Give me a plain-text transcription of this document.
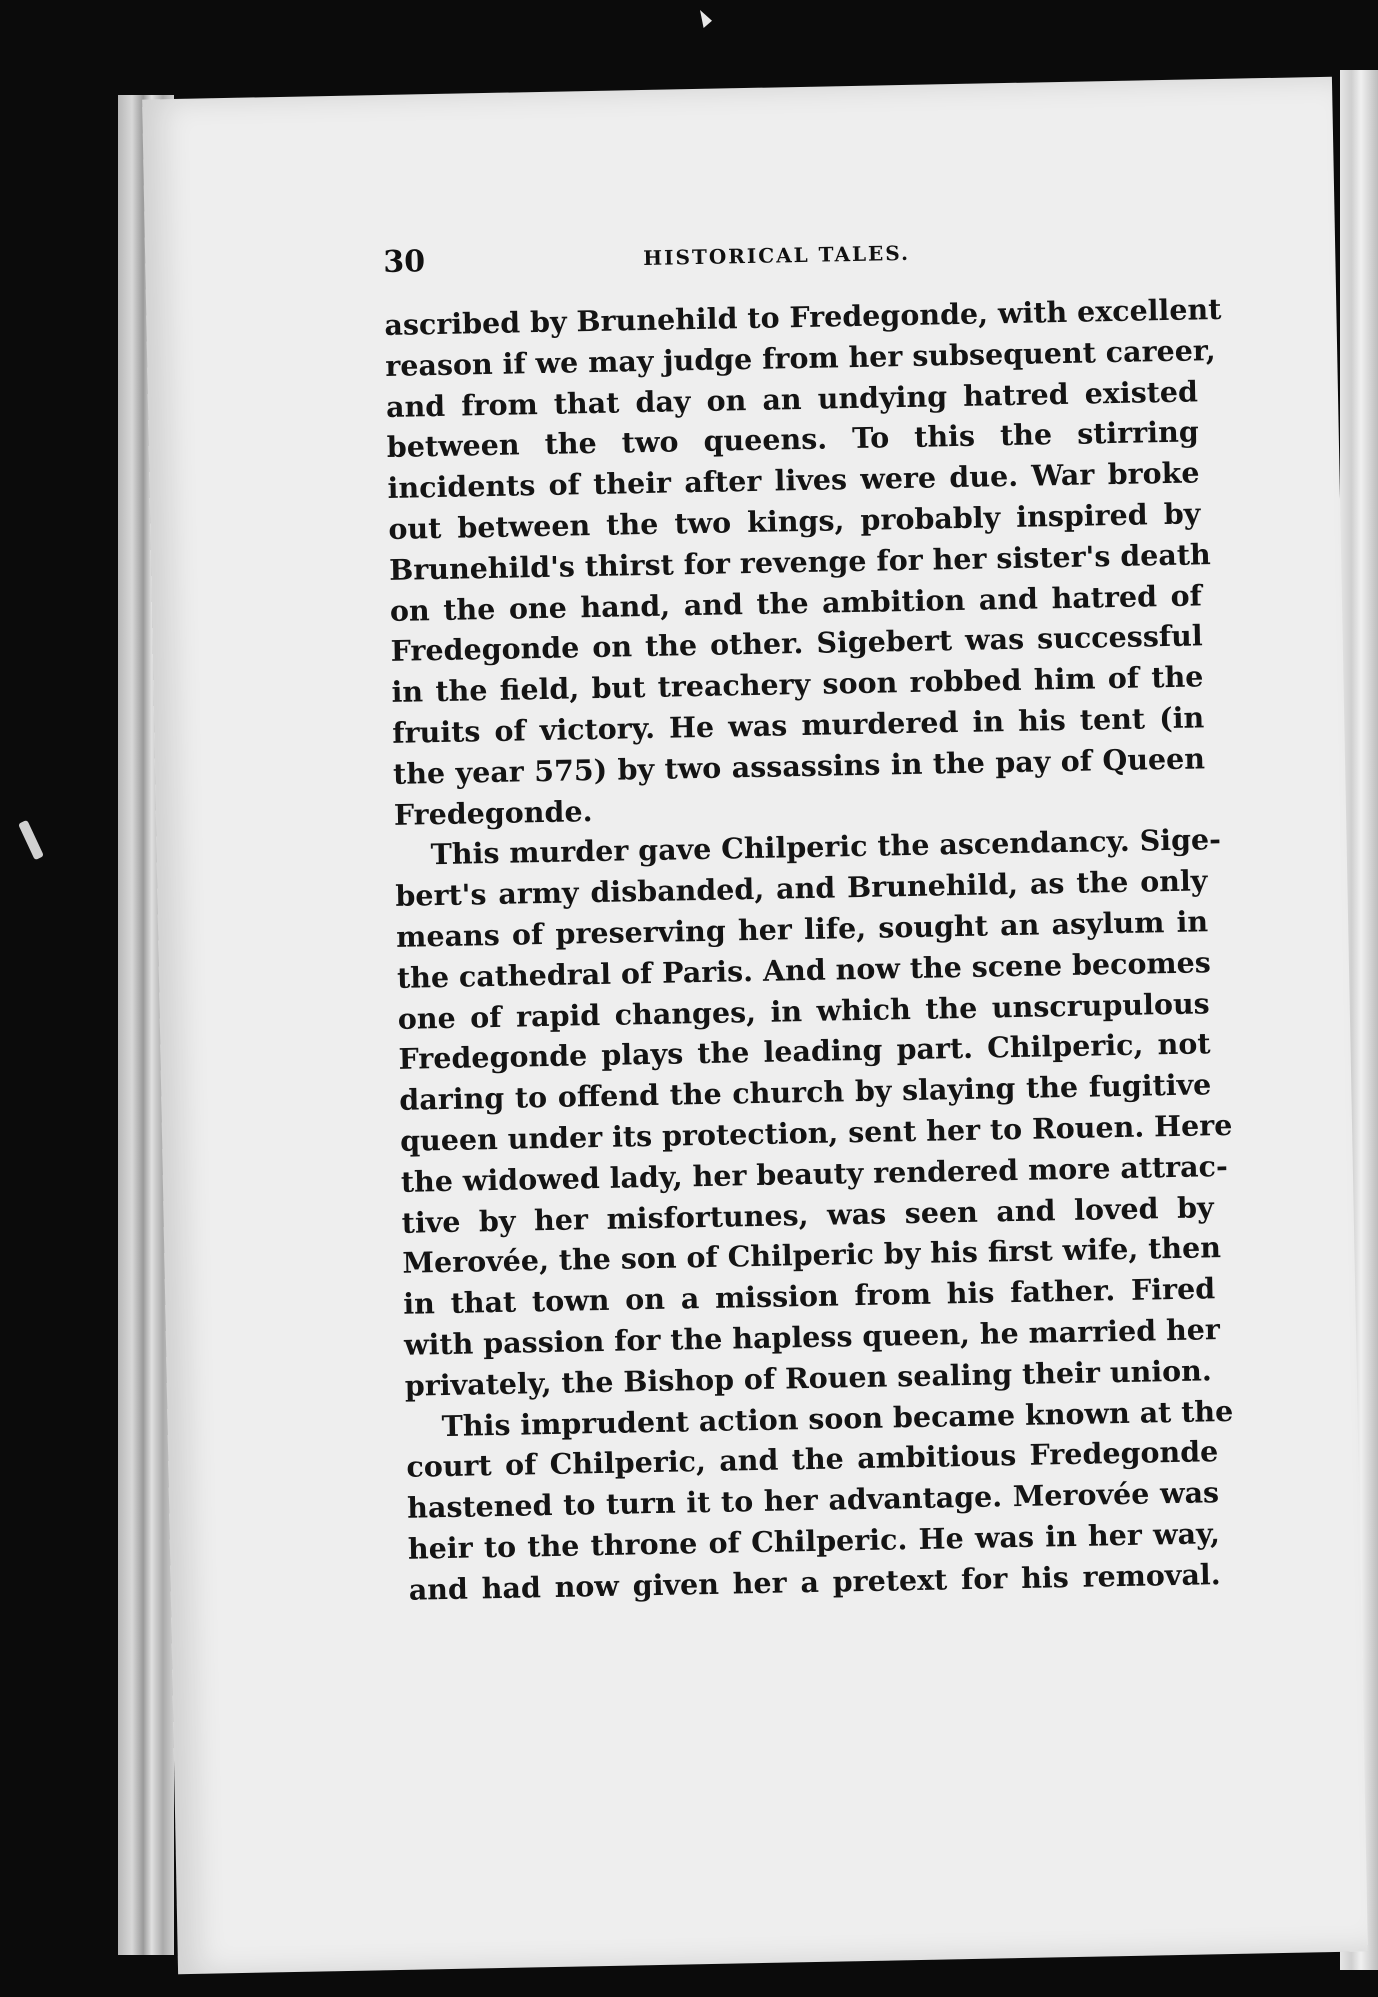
30	HISTORICAL TALES.
ascribed by Brunehild to Fredegonde, with excellent
reason if we may judge from her subsequent career,
and from that day on an undying hatred existed
between the two queens. To this the stirring
incidents of their after lives were due. War broke
out between the two kings, probably inspired by
Brunehild's thirst for revenge for her sister's death
on the one hand, and the ambition and hatred of
Fredegonde on the other. Sigebert was successful
in the field, but treachery soon robbed him of the
fruits of victory. He was murdered in his tent (in
the year 575) by two assassins in the pay of Queen
Fredegonde.
This murder gave Chilperic the ascendancy. Sige-
bert's army disbanded, and Brunehild, as the only
means of preserving her life, sought an asylum in
the cathedral of Paris. And now the scene becomes
one of rapid changes, in which the unscrupulous
Fredegonde plays the leading part. Chilperic, not
daring to offend the church by slaying the fugitive
queen under its protection, sent her to Rouen. Here
the widowed lady, her beauty rendered more attrac-
tive by her misfortunes, was seen and loved by
Merovée, the son of Chilperic by his first wife, then
in that town on a mission from his father. Fired
with passion for the hapless queen, he married her
privately, the Bishop of Rouen sealing their union.
This imprudent action soon became known at the
court of Chilperic, and the ambitious Fredegonde
hastened to turn it to her advantage. Merovée was
heir to the throne of Chilperic. He was in her way,
and had now given her a pretext for his removal.
